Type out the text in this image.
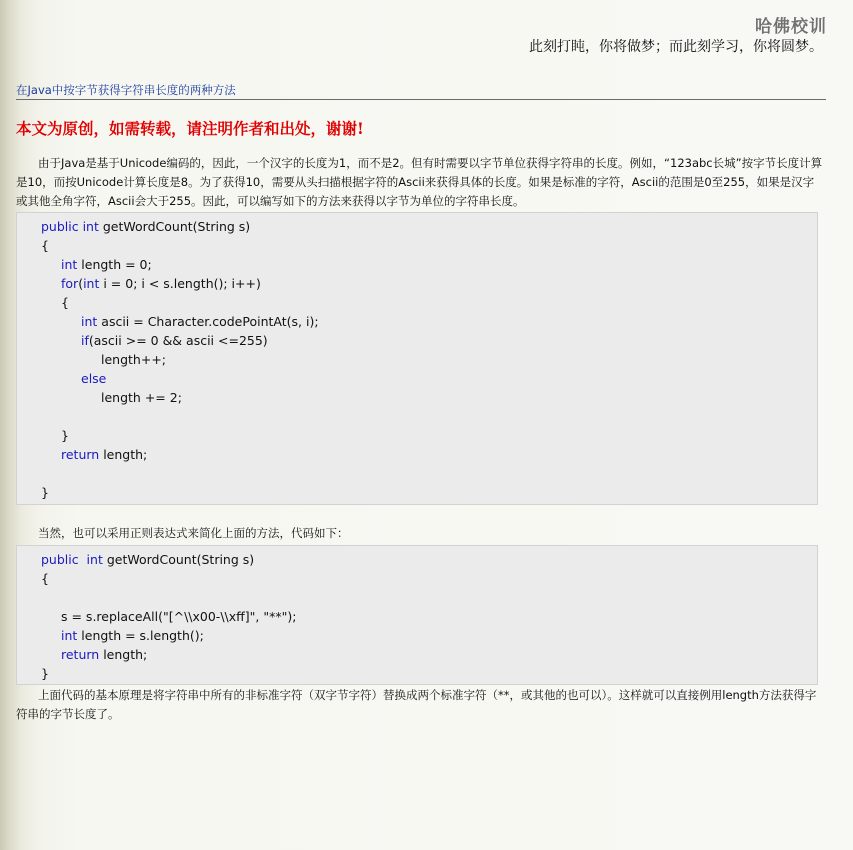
哈佛校训
此刻打盹，你将做梦；而此刻学习，你将圆梦。
在Java中按字节获得字符串长度的两种方法
本文为原创，如需转载，请注明作者和出处，谢谢!
由于Java是基于Unicode编码的，因此，一个汉字的长度为1，而不是2。但有时需要以字节单位获得字符串的长度。例如，“123abc长城”按字节长度计算是10，而按Unicode计算长度是8。为了获得10，需要从头扫描根据字符的Ascii来获得具体的长度。如果是标准的字符，Ascii的范围是0至255，如果是汉字或其他全角字符，Ascii会大于255。因此，可以编写如下的方法来获得以字节为单位的字符串长度。
public int getWordCount(String s)
{
int length = 0;
for(int i = 0; i < s.length(); i++)
{
int ascii = Character.codePointAt(s, i);
if(ascii >= 0 && ascii <=255)
length++;
else
length += 2;
}
return length;
}
当然，也可以采用正则表达式来简化上面的方法，代码如下：
public  int getWordCount(String s)
{
s = s.replaceAll("[^\\x00-\\xff]", "**");
int length = s.length();
return length;
}
上面代码的基本原理是将字符串中所有的非标准字符（双字节字符）替换成两个标准字符（**，或其他的也可以）。这样就可以直接例用length方法获得字符串的字节长度了。
